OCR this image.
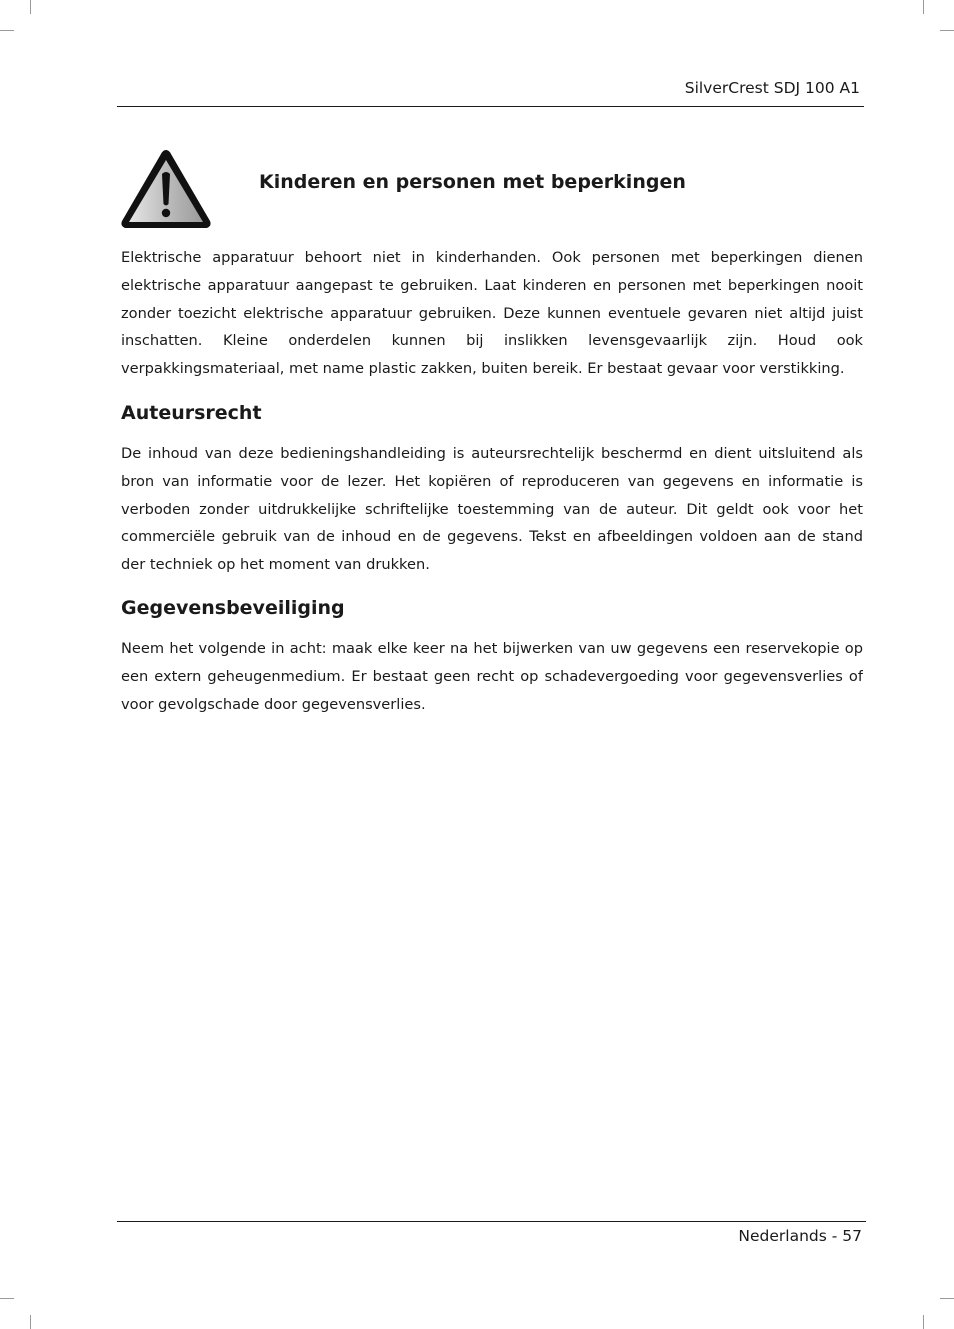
SilverCrest SDJ 100 A1
Kinderen en personen met beperkingen
Elektrische apparatuur behoort niet in kinderhanden. Ook personen met beperkingen dienen
elektrische apparatuur aangepast te gebruiken. Laat kinderen en personen met beperkingen nooit
zonder toezicht elektrische apparatuur gebruiken. Deze kunnen eventuele gevaren niet altijd juist
inschatten. Kleine onderdelen kunnen bij inslikken levensgevaarlijk zijn. Houd ook
verpakkingsmateriaal, met name plastic zakken, buiten bereik. Er bestaat gevaar voor verstikking.
Auteursrecht
De inhoud van deze bedieningshandleiding is auteursrechtelijk beschermd en dient uitsluitend als
bron van informatie voor de lezer. Het kopiëren of reproduceren van gegevens en informatie is
verboden zonder uitdrukkelijke schriftelijke toestemming van de auteur. Dit geldt ook voor het
commerciële gebruik van de inhoud en de gegevens. Tekst en afbeeldingen voldoen aan de stand
der techniek op het moment van drukken.
Gegevensbeveiliging
Neem het volgende in acht: maak elke keer na het bijwerken van uw gegevens een reservekopie op
een extern geheugenmedium. Er bestaat geen recht op schadevergoeding voor gegevensverlies of
voor gevolgschade door gegevensverlies.
Nederlands - 57
